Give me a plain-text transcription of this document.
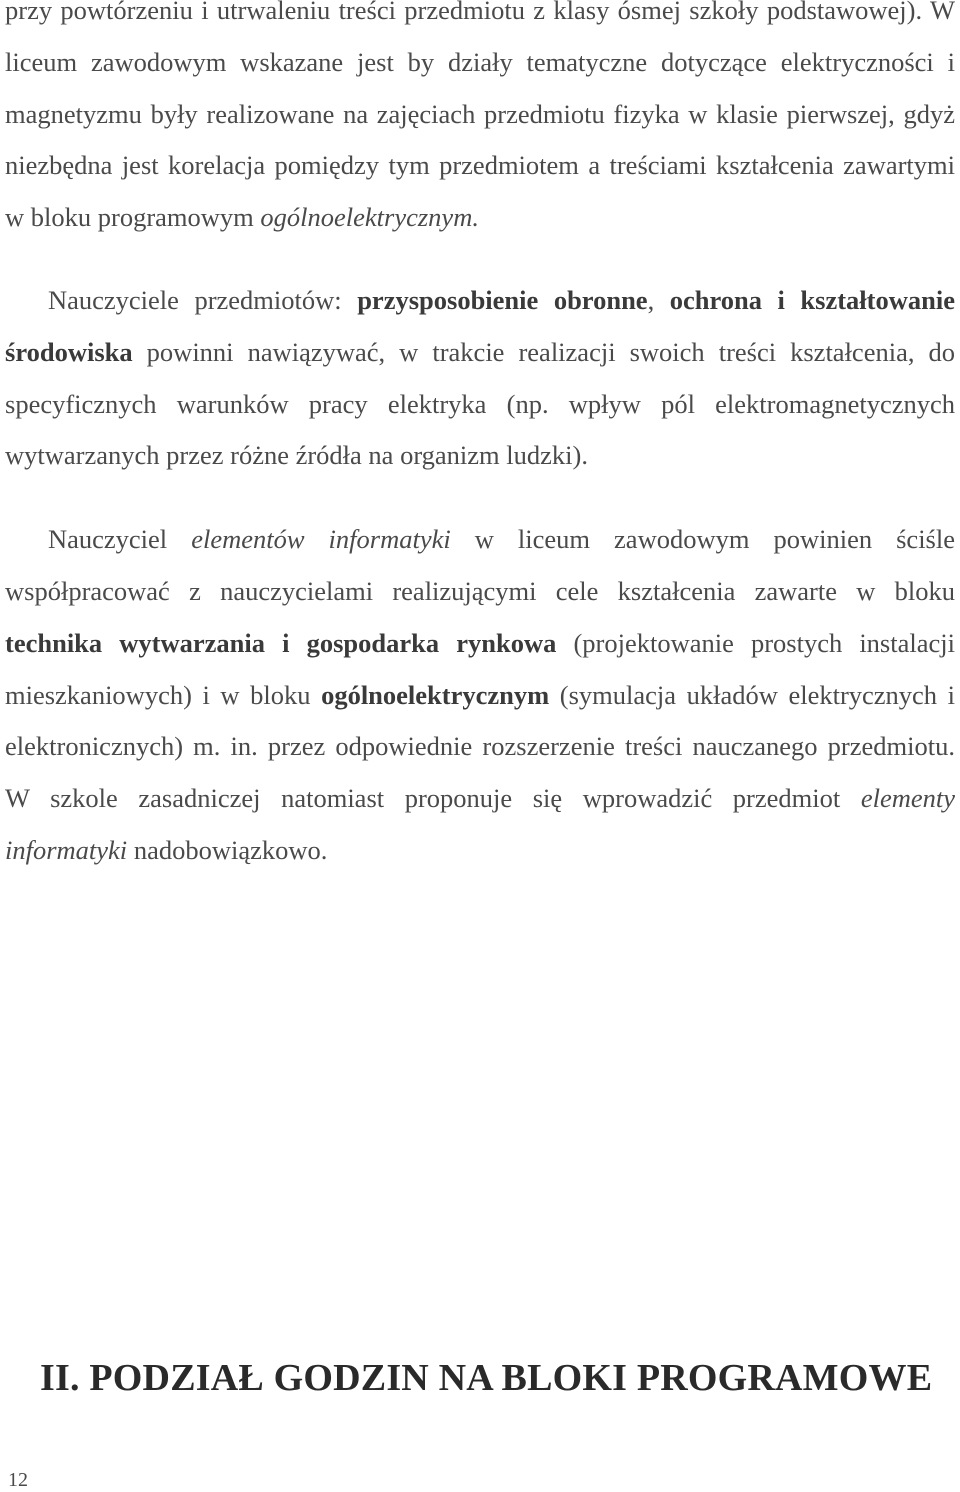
przy powtórzeniu i utrwaleniu treści przedmiotu z klasy ósmej szkoły podstawowej). W liceum zawodowym wskazane jest by działy tematyczne dotyczące elektryczności i magnetyzmu były realizowane na zajęciach przedmiotu fizyka w klasie pierwszej, gdyż niezbędna jest korelacja pomiędzy tym przedmiotem a treściami kształcenia zawartymi w bloku programowym ogólnoelektrycznym.

Nauczyciele przedmiotów: przysposobienie obronne, ochrona i kształtowanie środowiska powinni nawiązywać, w trakcie realizacji swoich treści kształcenia, do specyficznych warunków pracy elektryka (np. wpływ pól elektromagnetycznych wytwarzanych przez różne źródła na organizm ludzki).

Nauczyciel elementów informatyki w liceum zawodowym powinien ściśle współpracować z nauczycielami realizującymi cele kształcenia zawarte w bloku technika wytwarzania i gospodarka rynkowa (projektowanie prostych instalacji mieszkaniowych) i w bloku ogólnoelektrycznym (symulacja układów elektrycznych i elektronicznych) m. in. przez odpowiednie rozszerzenie treści nauczanego przedmiotu. W szkole zasadniczej natomiast proponuje się wprowadzić przedmiot elementy informatyki nadobowiązkowo.

II. PODZIAŁ GODZIN NA BLOKI PROGRAMOWE
12
